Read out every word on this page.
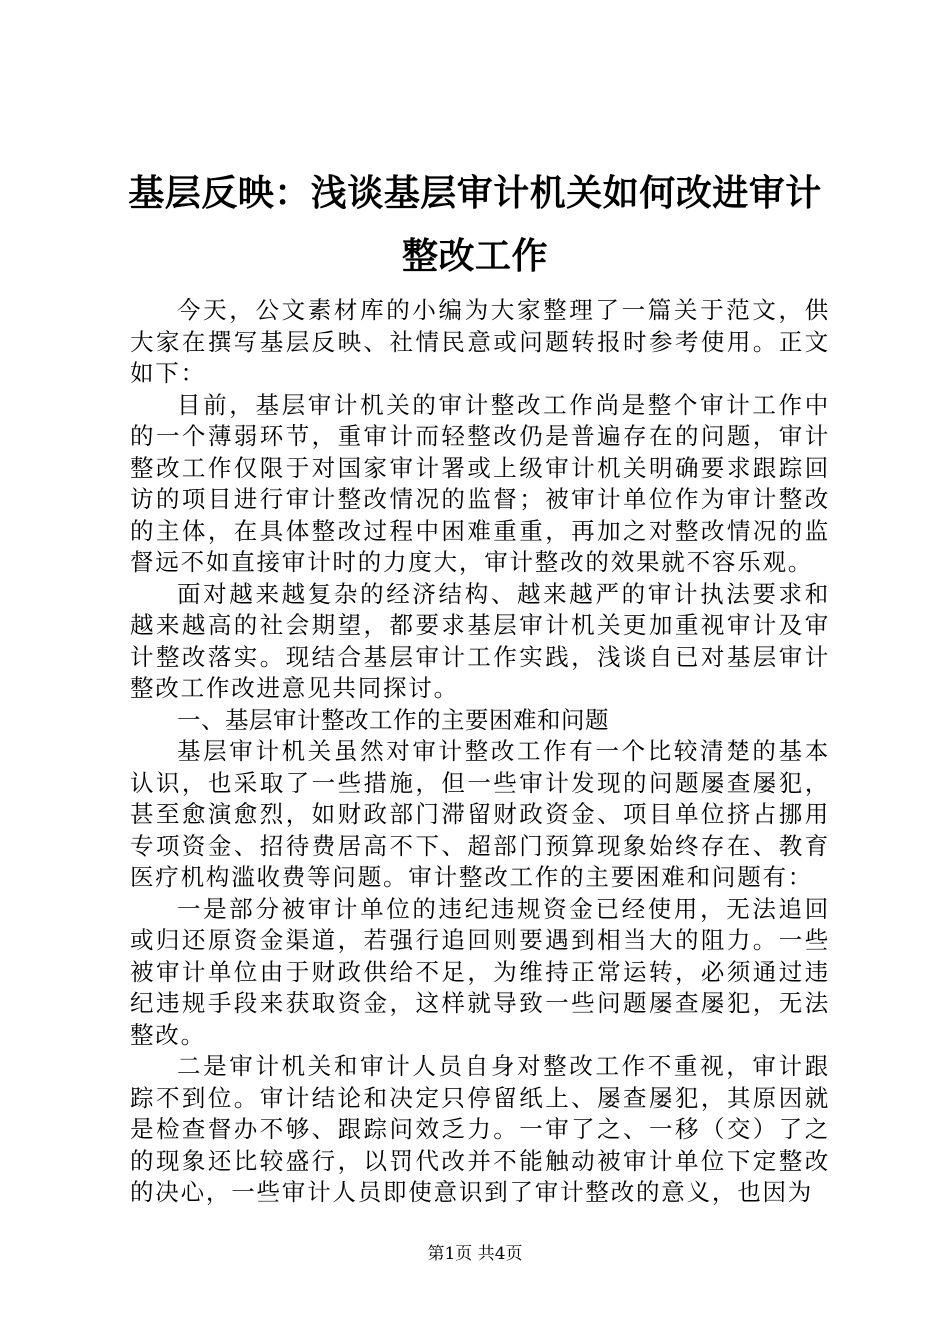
基层反映：浅谈基层审计机关如何改进审计整改工作

今天，公文素材库的小编为大家整理了一篇关于范文，供大家在撰写基层反映、社情民意或问题转报时参考使用。正文如下：

目前，基层审计机关的审计整改工作尚是整个审计工作中的一个薄弱环节，重审计而轻整改仍是普遍存在的问题，审计整改工作仅限于对国家审计署或上级审计机关明确要求跟踪回访的项目进行审计整改情况的监督；被审计单位作为审计整改的主体，在具体整改过程中困难重重，再加之对整改情况的监督远不如直接审计时的力度大，审计整改的效果就不容乐观。

面对越来越复杂的经济结构、越来越严的审计执法要求和越来越高的社会期望，都要求基层审计机关更加重视审计及审计整改落实。现结合基层审计工作实践，浅谈自已对基层审计整改工作改进意见共同探讨。

一、基层审计整改工作的主要困难和问题

基层审计机关虽然对审计整改工作有一个比较清楚的基本认识，也采取了一些措施，但一些审计发现的问题屡查屡犯，甚至愈演愈烈，如财政部门滞留财政资金、项目单位挤占挪用专项资金、招待费居高不下、超部门预算现象始终存在、教育医疗机构滥收费等问题。审计整改工作的主要困难和问题有：

一是部分被审计单位的违纪违规资金已经使用，无法追回或归还原资金渠道，若强行追回则要遇到相当大的阻力。一些被审计单位由于财政供给不足，为维持正常运转，必须通过违纪违规手段来获取资金，这样就导致一些问题屡查屡犯，无法整改。

二是审计机关和审计人员自身对整改工作不重视，审计跟踪不到位。审计结论和决定只停留纸上、屡查屡犯，其原因就是检查督办不够、跟踪问效乏力。一审了之、一移（交）了之的现象还比较盛行，以罚代改并不能触动被审计单位下定整改的决心，一些审计人员即使意识到了审计整改的意义，也因为

第1页 共4页
